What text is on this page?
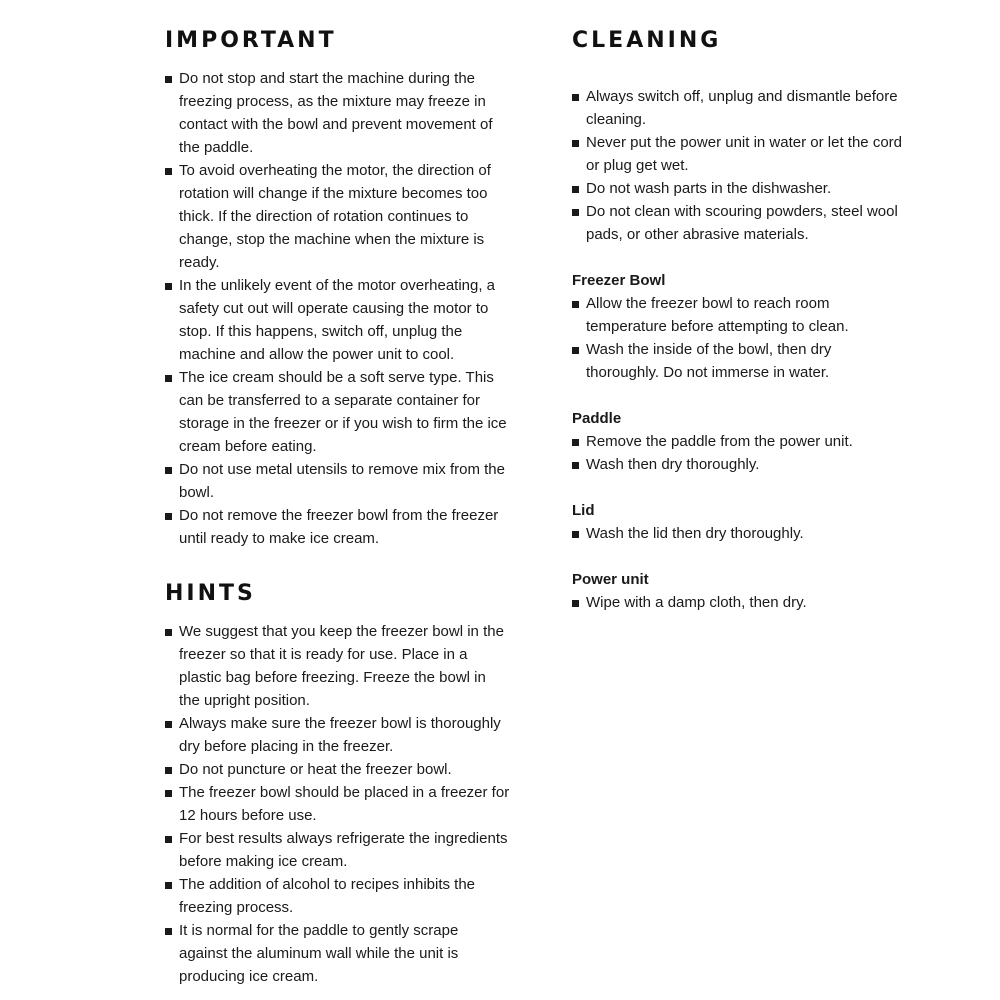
IMPORTANT
Do not stop and start the machine during the freezing process, as the mixture may freeze in contact with the bowl and prevent movement of the paddle.
To avoid overheating the motor, the direction of rotation will change if the mixture becomes too thick. If the direction of rotation continues to change, stop the machine when the mixture is ready.
In the unlikely event of the motor overheating, a safety cut out will operate causing the motor to stop. If this happens, switch off, unplug the machine and allow the power unit to cool.
The ice cream should be a soft serve type. This can be transferred to a separate container for storage in the freezer or if you wish to firm the ice cream before eating.
Do not use metal utensils to remove mix from the bowl.
Do not remove the freezer bowl from the freezer until ready to make ice cream.
HINTS
We suggest that you keep the freezer bowl in the freezer so that it is ready for use. Place in a plastic bag before freezing. Freeze the bowl in the upright position.
Always make sure the freezer bowl is thoroughly dry before placing in the freezer.
Do not puncture or heat the freezer bowl.
The freezer bowl should be placed in a freezer for 12 hours before use.
For best results always refrigerate the ingredients before making ice cream.
The addition of alcohol to recipes inhibits the freezing process.
It is normal for the paddle to gently scrape against the aluminum wall while the unit is producing ice cream.
CLEANING
Always switch off, unplug and dismantle before cleaning.
Never put the power unit in water or let the cord or plug get wet.
Do not wash parts in the dishwasher.
Do not clean with scouring powders, steel wool pads, or other abrasive materials.

Freezer Bowl

Allow the freezer bowl to reach room temperature before attempting to clean.
Wash the inside of the bowl, then dry thoroughly. Do not immerse in water.

Paddle

Remove the paddle from the power unit.
Wash then dry thoroughly.

Lid

Wash the lid then dry thoroughly.

Power unit

Wipe with a damp cloth, then dry.
